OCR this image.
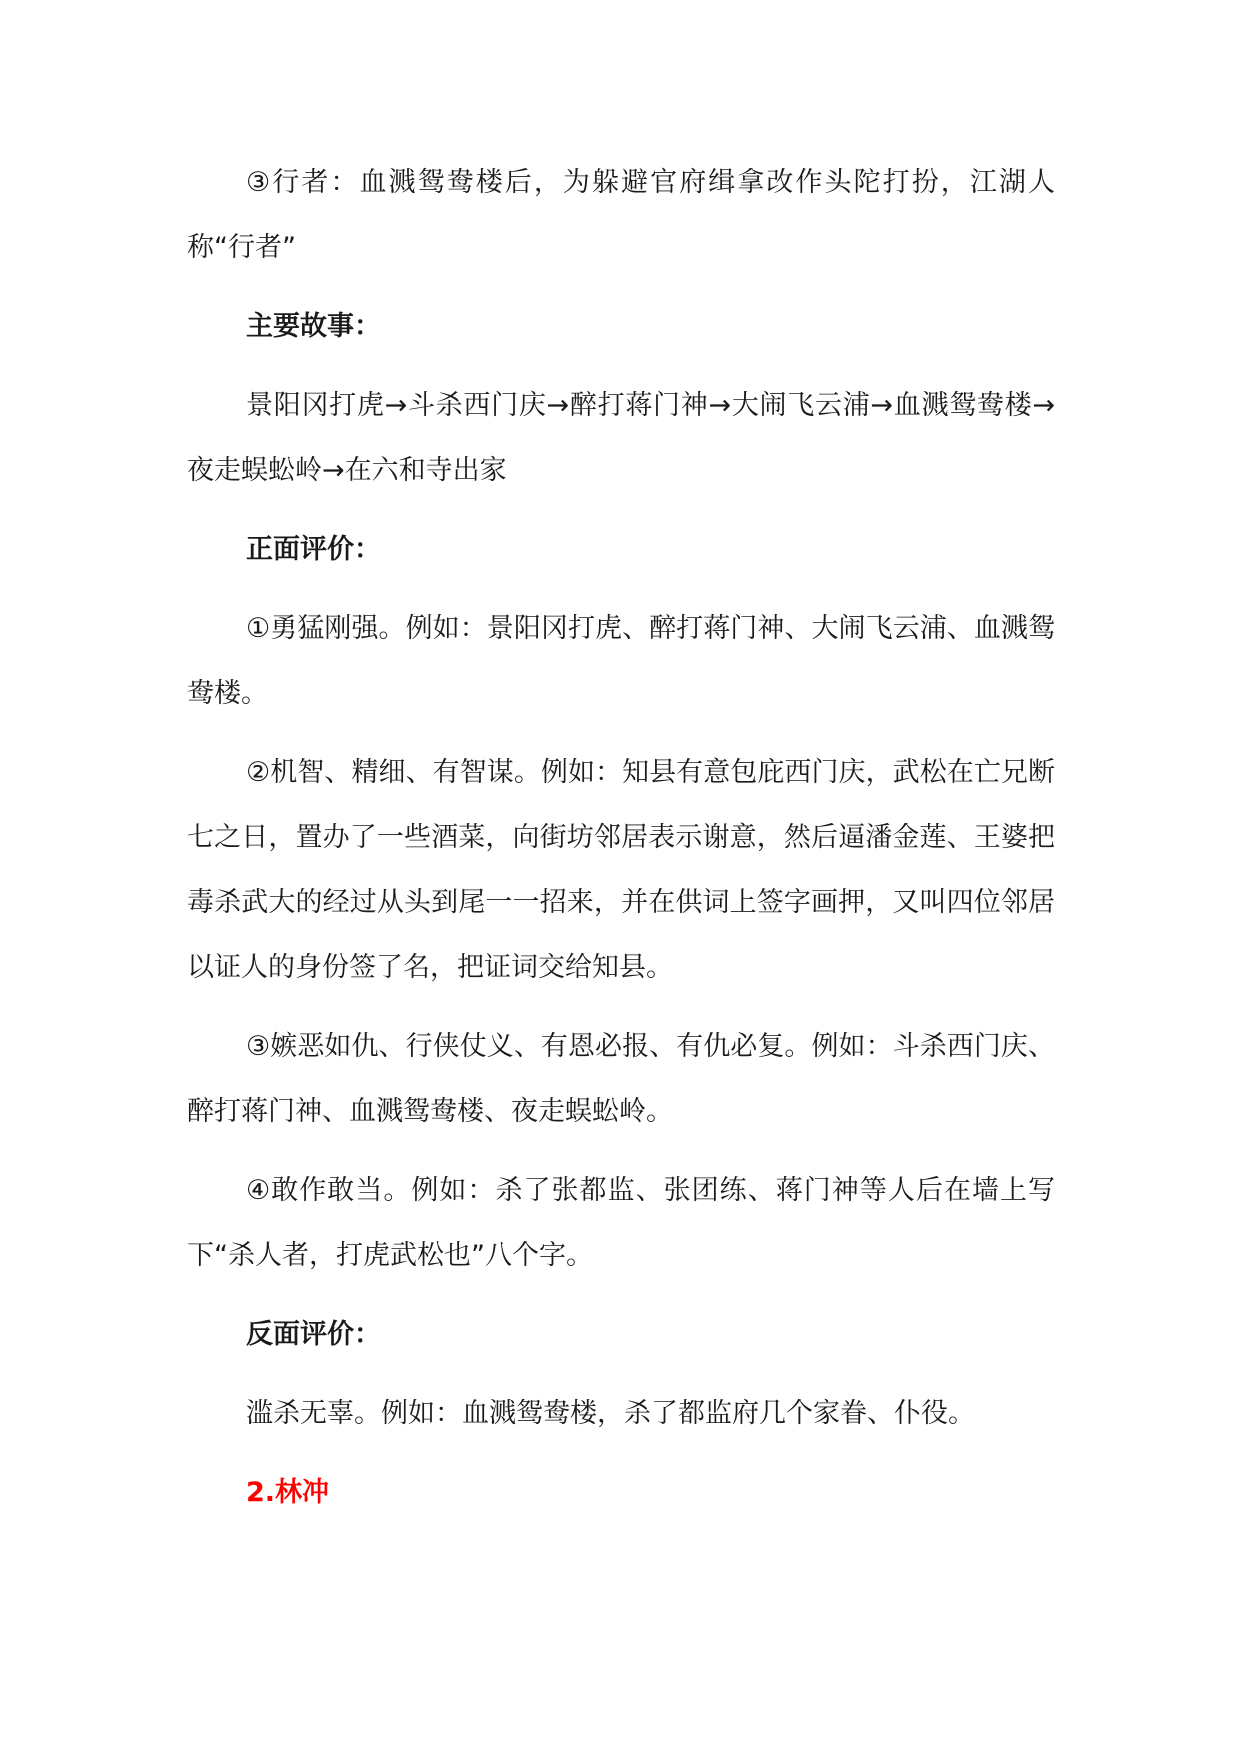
③行者：血溅鸳鸯楼后，为躲避官府缉拿改作头陀打扮，江湖人称“行者”

主要故事：

景阳冈打虎→斗杀西门庆→醉打蒋门神→大闹飞云浦→血溅鸳鸯楼→夜走蜈蚣岭→在六和寺出家

正面评价：

①勇猛刚强。例如：景阳冈打虎、醉打蒋门神、大闹飞云浦、血溅鸳鸯楼。

②机智、精细、有智谋。例如：知县有意包庇西门庆，武松在亡兄断七之日，置办了一些酒菜，向街坊邻居表示谢意，然后逼潘金莲、王婆把毒杀武大的经过从头到尾一一招来，并在供词上签字画押，又叫四位邻居以证人的身份签了名，把证词交给知县。

③嫉恶如仇、行侠仗义、有恩必报、有仇必复。例如：斗杀西门庆、醉打蒋门神、血溅鸳鸯楼、夜走蜈蚣岭。

④敢作敢当。例如：杀了张都监、张团练、蒋门神等人后在墙上写下“杀人者，打虎武松也”八个字。

反面评价：

滥杀无辜。例如：血溅鸳鸯楼，杀了都监府几个家眷、仆役。

2.林冲
